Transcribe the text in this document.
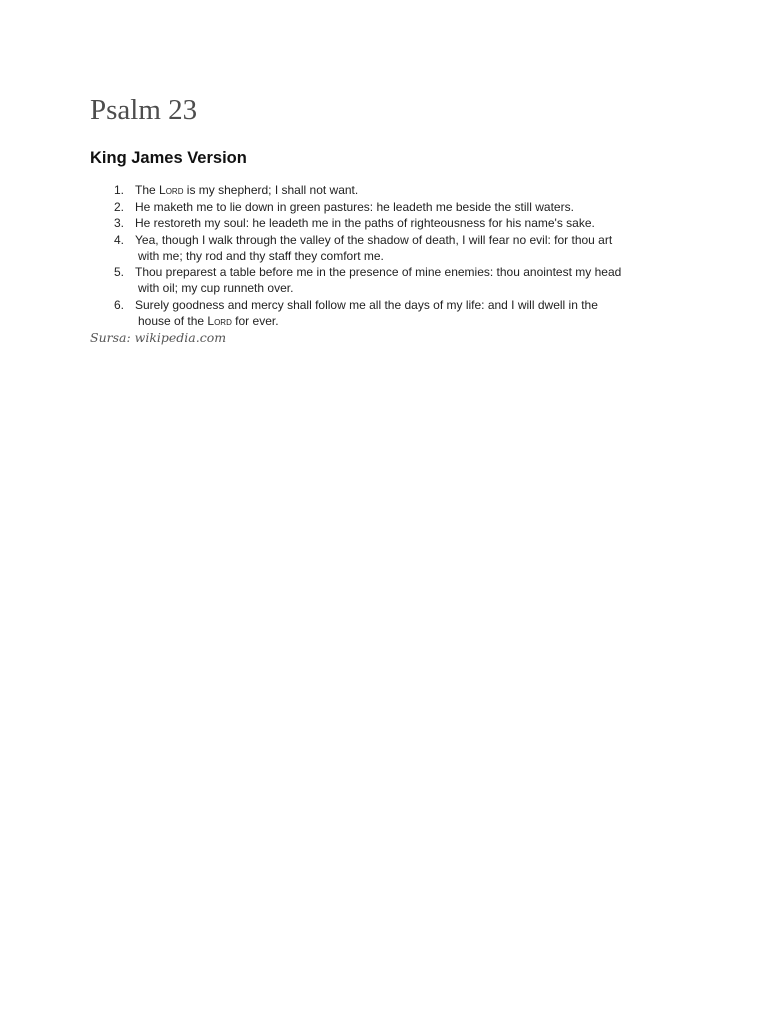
Psalm 23
King James Version
1. The Lord is my shepherd; I shall not want.
2. He maketh me to lie down in green pastures: he leadeth me beside the still waters.
3. He restoreth my soul: he leadeth me in the paths of righteousness for his name's sake.
4. Yea, though I walk through the valley of the shadow of death, I will fear no evil: for thou art
with me; thy rod and thy staff they comfort me.
5. Thou preparest a table before me in the presence of mine enemies: thou anointest my head
with oil; my cup runneth over.
6. Surely goodness and mercy shall follow me all the days of my life: and I will dwell in the
house of the Lord for ever.

Sursa: wikipedia.com
